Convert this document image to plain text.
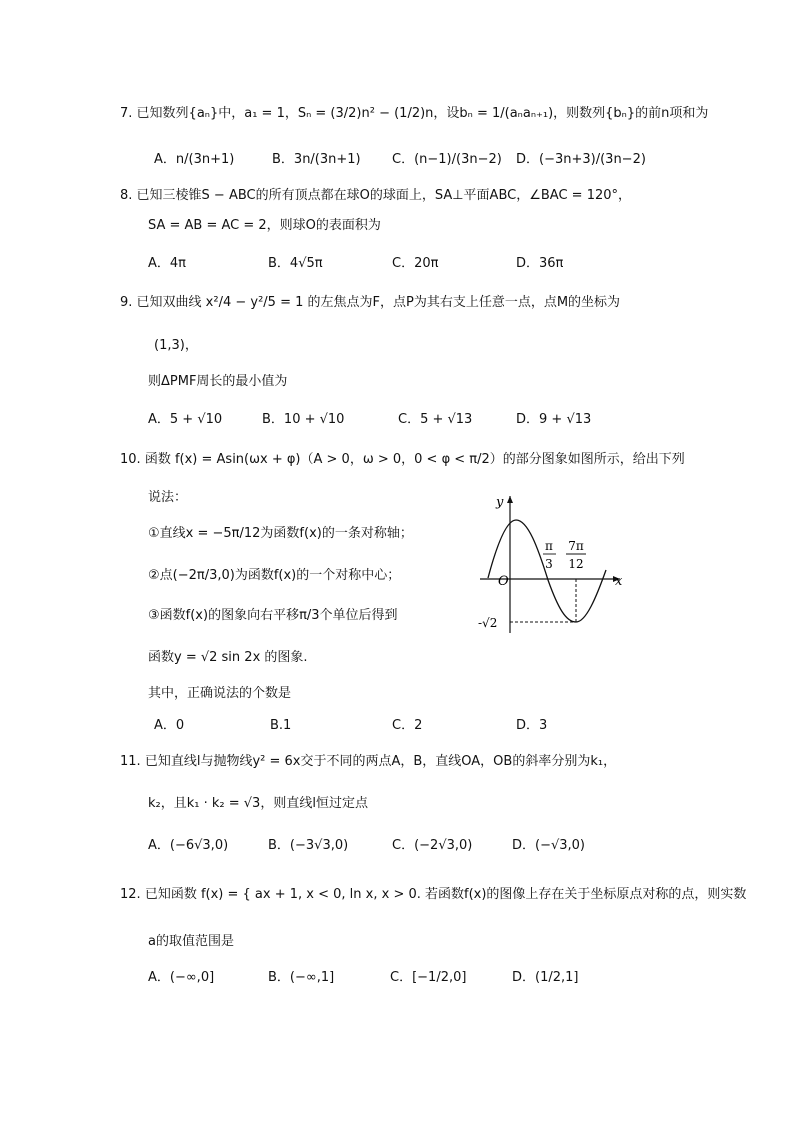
7. 已知数列{aₙ}中，a₁ = 1，Sₙ = (3/2)n² − (1/2)n，设bₙ = 1/(aₙaₙ₊₁)，则数列{bₙ}的前n项和为
A．n/(3n+1)	B．3n/(3n+1) C．(n−1)/(3n−2) D．(−3n+3)/(3n−2)
8. 已知三棱锥S − ABC的所有顶点都在球O的球面上，SA⊥平面ABC，∠BAC = 120°，
SA = AB = AC = 2，则球O的表面积为
A．4π	B．4√5π	C．20π	D．36π
9. 已知双曲线 x²/4 − y²/5 = 1 的左焦点为F，点P为其右支上任意一点，点M的坐标为
(1,3)，
则ΔPMF周长的最小值为
A．5 + √10	B．10 + √10	C．5 + √13	D．9 + √13
10. 函数 f(x) = Asin(ωx + φ)（A > 0，ω > 0，0 < φ < π/2）的部分图象如图所示，给出下列
说法：
①直线x = −5π/12为函数f(x)的一条对称轴；
②点(−2π/3,0)为函数f(x)的一个对称中心；
③函数f(x)的图象向右平移π/3个单位后得到
函数y = √2 sin 2x 的图象.
其中，正确说法的个数是
A．0	B.1	C．2	D．3
y
x
O
π
3
7π
12
-√2
11. 已知直线l与抛物线y² = 6x交于不同的两点A，B，直线OA，OB的斜率分别为k₁，
k₂，且k₁ · k₂ = √3，则直线l恒过定点
A．(−6√3,0)	B．(−3√3,0)	C．(−2√3,0)	D．(−√3,0)
12. 已知函数 f(x) = { ax + 1, x < 0, ln x, x > 0. 若函数f(x)的图像上存在关于坐标原点对称的点，则实数
a的取值范围是
A．(−∞,0]	B．(−∞,1]	C．[−1/2,0]	D．(1/2,1]
